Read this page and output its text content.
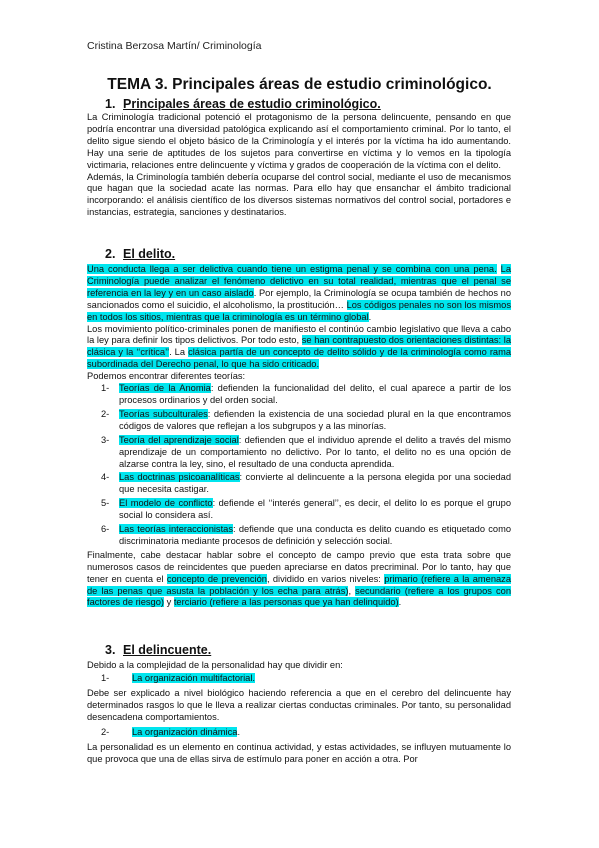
Cristina Berzosa Martín/ Criminología
TEMA 3. Principales áreas de estudio criminológico.
1. Principales áreas de estudio criminológico.
La Criminología tradicional potenció el protagonismo de la persona delincuente, pensando en que podría encontrar una diversidad patológica explicando así el comportamiento criminal. Por lo tanto, el delito sigue siendo el objeto básico de la Criminología y el interés por la víctima ha ido aumentando. Hay una serie de aptitudes de los sujetos para convertirse en víctima y lo vemos en la tipología victimaria, relaciones entre delincuente y víctima y grados de cooperación de la víctima con el delito.
Además, la Criminología también debería ocuparse del control social, mediante el uso de mecanismos que hagan que la sociedad acate las normas. Para ello hay que ensanchar el ámbito tradicional incorporando: el análisis científico de los diversos sistemas normativos del control social, portadores e instancias, estrategia, sanciones y destinatarios.
2. El delito.
Una conducta llega a ser delictiva cuando tiene un estigma penal y se combina con una pena. La Criminología puede analizar el fenómeno delictivo en su total realidad, mientras que el penal se referencia en la ley y en un caso aislado. Por ejemplo, la Criminología se ocupa también de hechos no sancionados como el suicidio, el alcoholismo, la prostitución… Los códigos penales no son los mismos en todos los sitios, mientras que la criminología es un término global.
Los movimiento político-criminales ponen de manifiesto el continúo cambio legislativo que lleva a cabo la ley para definir los tipos delictivos. Por todo esto, se han contrapuesto dos orientaciones distintas: la clásica y la ‘‘crítica’’. La clásica partía de un concepto de delito sólido y de la criminología como rama subordinada del Derecho penal, lo que ha sido criticado.
Podemos encontrar diferentes teorías:
1- Teorías de la Anomia: defienden la funcionalidad del delito, el cual aparece a partir de los procesos ordinarios y del orden social.
2- Teorías subculturales: defienden la existencia de una sociedad plural en la que encontramos códigos de valores que reflejan a los subgrupos y a las minorías.
3- Teoría del aprendizaje social: defienden que el individuo aprende el delito a través del mismo aprendizaje de un comportamiento no delictivo. Por lo tanto, el delito no es una opción de alzarse contra la ley, sino, el resultado de una conducta aprendida.
4- Las doctrinas psicoanalíticas: convierte al delincuente a la persona elegida por una sociedad que necesita castigar.
5- El modelo de conflicto: defiende el ‘‘interés general’’, es decir, el delito lo es porque el grupo social lo considera así.
6- Las teorías interaccionistas: defiende que una conducta es delito cuando es etiquetado como discriminatoria mediante procesos de definición y selección social.
Finalmente, cabe destacar hablar sobre el concepto de campo previo que esta trata sobre que numerosos casos de reincidentes que pueden apreciarse en datos precriminal. Por lo tanto, hay que tener en cuenta el concepto de prevención, dividido en varios niveles: primario (refiere a la amenaza de las penas que asusta la población y los echa para atrás), secundario (refiere a los grupos con factores de riesgo) y terciario (refiere a las personas que ya han delinquido).
3. El delincuente.
Debido a la complejidad de la personalidad hay que dividir en:
1- La organización multifactorial.
Debe ser explicado a nivel biológico haciendo referencia a que en el cerebro del delincuente hay determinados rasgos lo que le lleva a realizar ciertas conductas criminales. Por tanto, su personalidad desencadena comportamientos.
2- La organización dinámica.
La personalidad es un elemento en continua actividad, y estas actividades, se influyen mutuamente lo que provoca que una de ellas sirva de estímulo para poner en acción a otra. Por
